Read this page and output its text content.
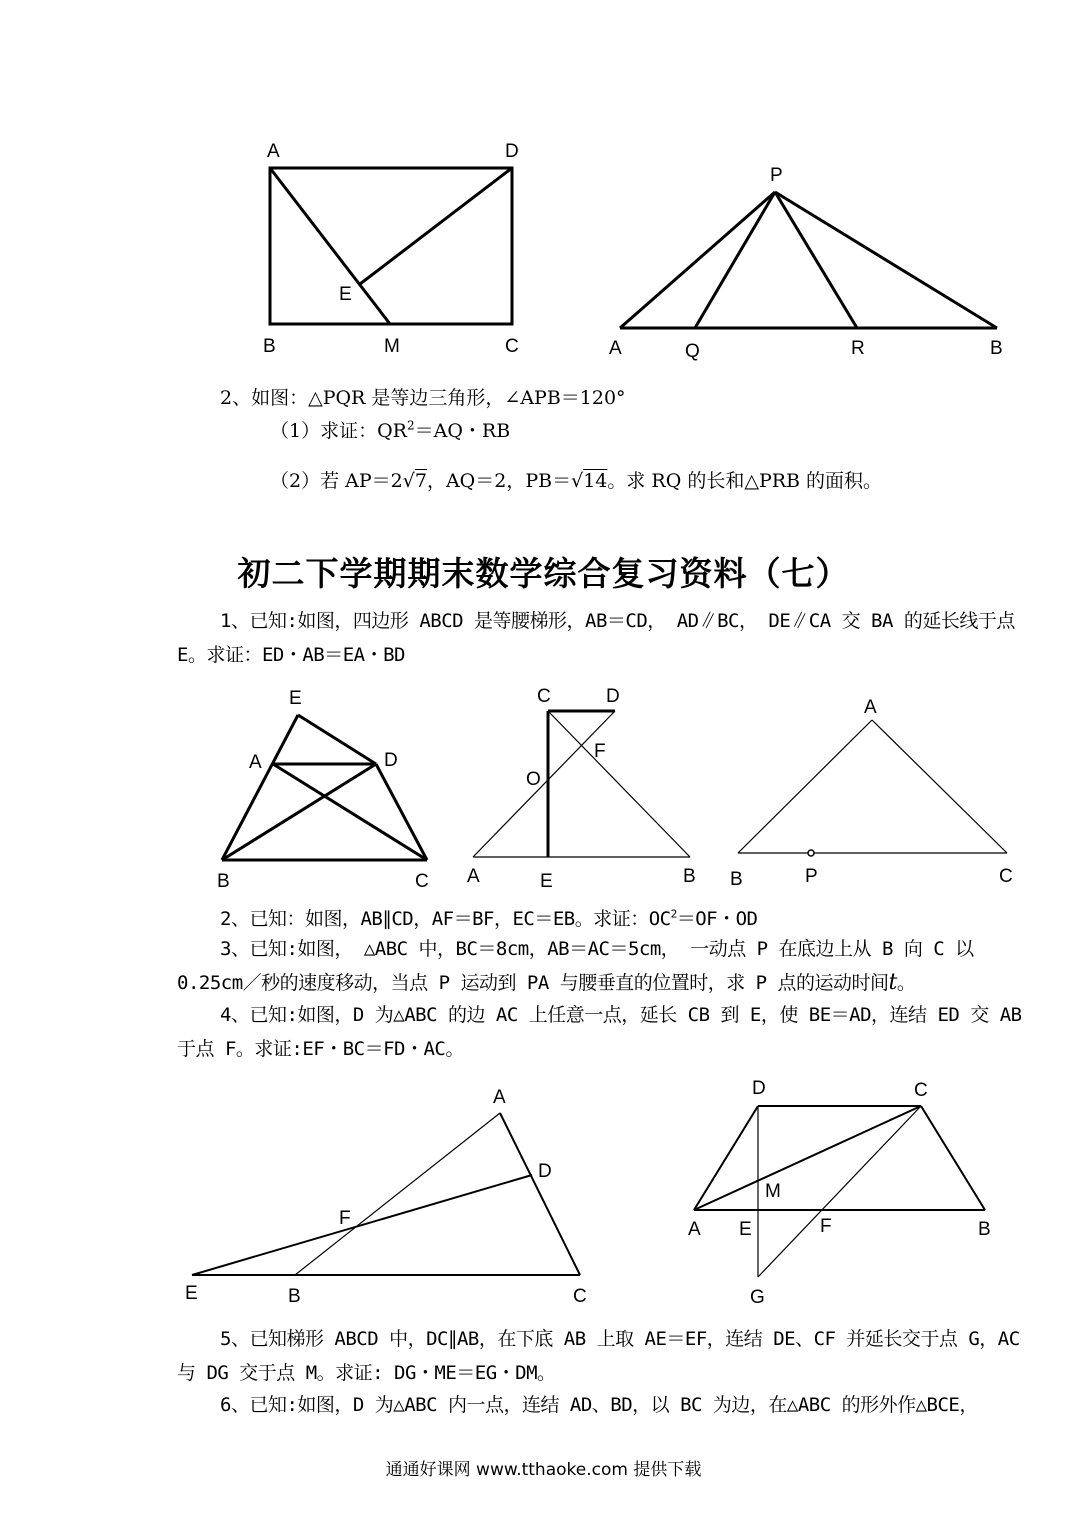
A	D
E
B	M	C
P
A	Q	R	B
2、如图：△PQR 是等边三角形，∠APB＝120°
（1）求证：$QR^2=AQ$・RB
（2）若 AP＝2√7，AQ＝2，PB＝√14。求 RQ 的长和△PRB 的面积。
初二下学期期末数学综合复习资料（七）
1、已知:如图，四边形 ABCD 是等腰梯形，AB＝CD， AD∥BC， DE∥CA 交 BA 的延长线于点 E。求证：ED・AB＝EA・BD
E
A	D
B	C
C	D
F
O
A	E	B
A
B	P	C
2、已知：如图，AB∥CD，AF＝BF，EC＝EB。求证：$OC^2=OF$・OD
3、已知:如图， △ABC 中，BC＝8cm，AB＝AC＝5cm， 一动点 P 在底边上从 B 向 C 以 0.25cm／秒的速度移动，当点 P 运动到 PA 与腰垂直的位置时，求 P 点的运动时间t。
4、已知:如图，D 为△ABC 的边 AC 上任意一点，延长 CB 到 E，使 BE＝AD，连结 ED 交 AB 于点 F。求证:EF・BC＝FD・AC。
A
D
F
E	B	C
D	C
M
A E	F	B
G
5、已知梯形 ABCD 中，DC∥AB，在下底 AB 上取 AE＝EF，连结 DE、CF 并延长交于点 G，AC 与 DG 交于点 M。求证: DG・ME＝EG・DM。
6、已知:如图，D 为△ABC 内一点，连结 AD、BD，以 BC 为边，在△ABC 的形外作△BCE，
通通好课网 www.tthaoke.com 提供下载
